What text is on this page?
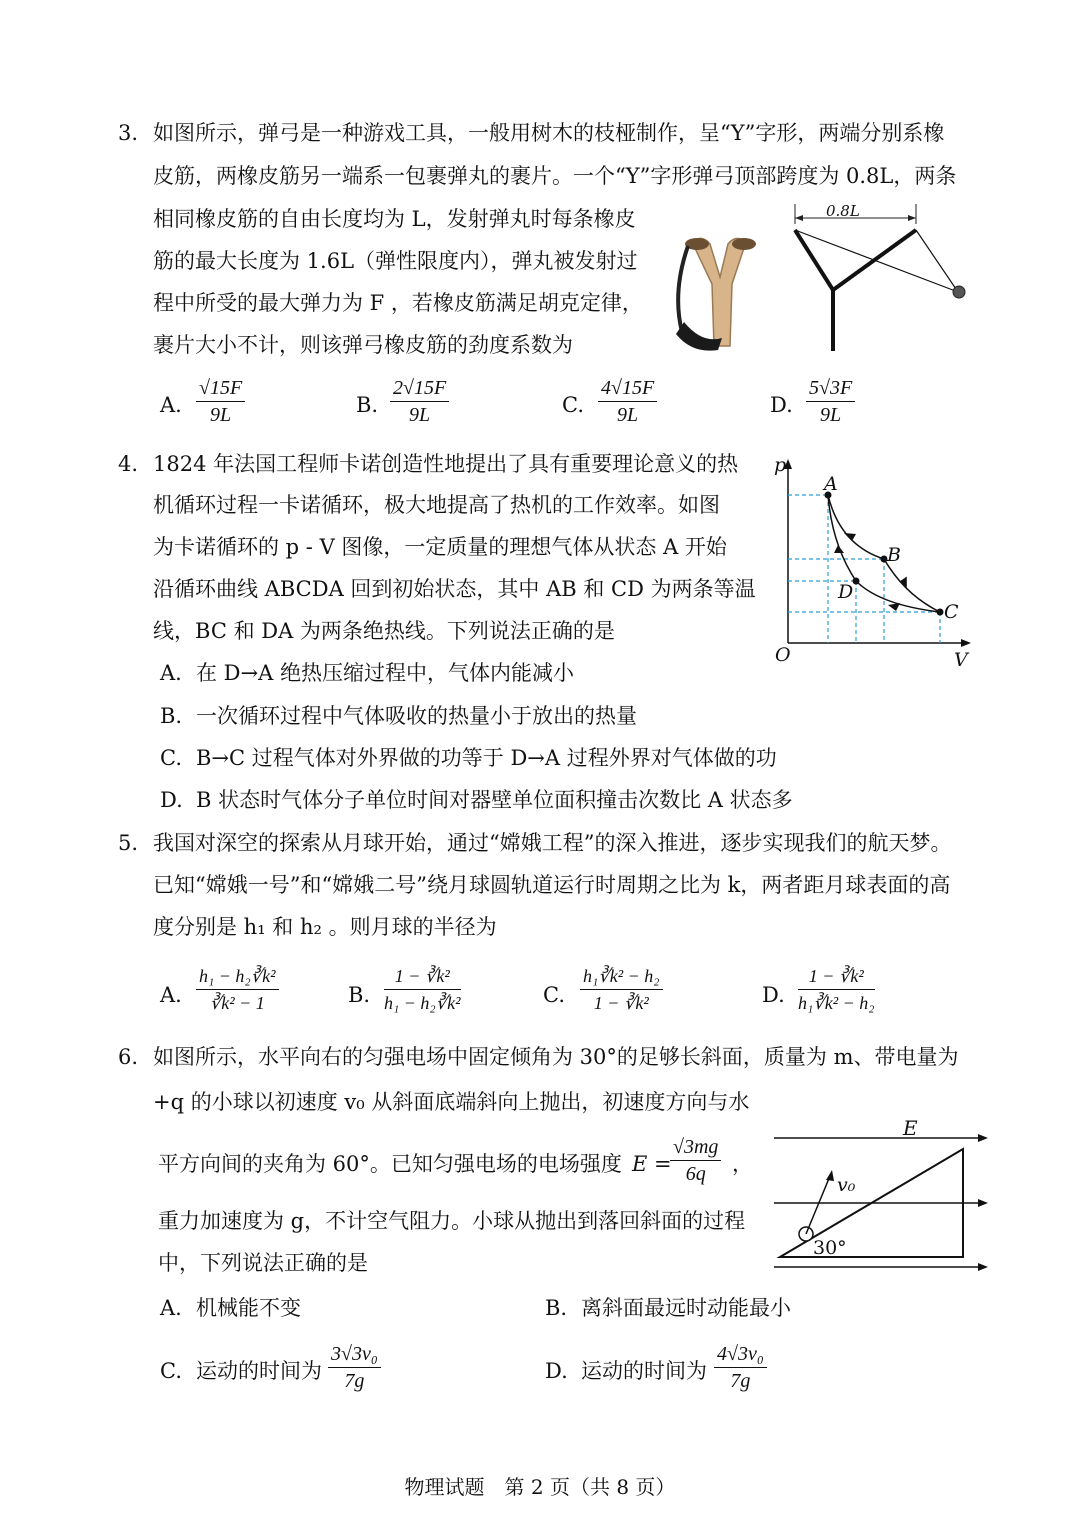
3. 如图所示，弹弓是一种游戏工具，一般用树木的枝桠制作，呈“Y”字形，两端分别系橡
皮筋，两橡皮筋另一端系一包裹弹丸的裹片。一个“Y”字形弹弓顶部跨度为 0.8L，两条
相同橡皮筋的自由长度均为 L，发射弹丸时每条橡皮
筋的最大长度为 1.6L（弹性限度内），弹丸被发射过
程中所受的最大弹力为 F ，若橡皮筋满足胡克定律，
裹片大小不计，则该弹弓橡皮筋的劲度系数为
0.8L
A. $\frac{√15F}{9L}$	B. $\frac{2√15F}{9L}$	C. $\frac{4√15F}{9L}$	D. $\frac{5√3F}{9L}$
4. 1824 年法国工程师卡诺创造性地提出了具有重要理论意义的热
机循环过程一卡诺循环，极大地提高了热机的工作效率。如图
为卡诺循环的 p - V 图像，一定质量的理想气体从状态 A 开始
沿循环曲线 ABCDA 回到初始状态，其中 AB 和 CD 为两条等温
线，BC 和 DA 为两条绝热线。下列说法正确的是
p
V
O
A
B
C
D
A. 在 D→A 绝热压缩过程中，气体内能减小
B. 一次循环过程中气体吸收的热量小于放出的热量
C. B→C 过程气体对外界做的功等于 D→A 过程外界对气体做的功
D. B 状态时气体分子单位时间对器壁单位面积撞击次数比 A 状态多
5. 我国对深空的探索从月球开始，通过“嫦娥工程”的深入推进，逐步实现我们的航天梦。
已知“嫦娥一号”和“嫦娥二号”绕月球圆轨道运行时周期之比为 k，两者距月球表面的高
度分别是 h₁ 和 h₂ 。则月球的半径为
A. $\frac{\text{h₁ − h₂∛k²}}{\text{∛k² − 1}}$	B. $\frac{\text{1 − ∛k²}}{\text{h₁ − h₂∛k²}}$	C. $\frac{\text{h₁∛k² − h₂}}{\text{1 − ∛k²}}$	D. $\frac{\text{1 − ∛k²}}{\text{h₁∛k² − h₂}}$
6. 如图所示，水平向右的匀强电场中固定倾角为 30°的足够长斜面，质量为 m、带电量为
+q 的小球以初速度 v₀ 从斜面底端斜向上抛出，初速度方向与水
平方向间的夹角为 60°。已知匀强电场的电场强度 E =
$\frac{√3mg}{6q}$ ，
重力加速度为 g，不计空气阻力。小球从抛出到落回斜面的过程
中，下列说法正确的是
E
v₀
30°
A. 机械能不变	B. 离斜面最远时动能最小
C. 运动的时间为 $\frac{\text{3√3v₀}}{7g}$	D. 运动的时间为 $\frac{\text{4√3v₀}}{7g}$
物理试题　第 2 页（共 8 页）
